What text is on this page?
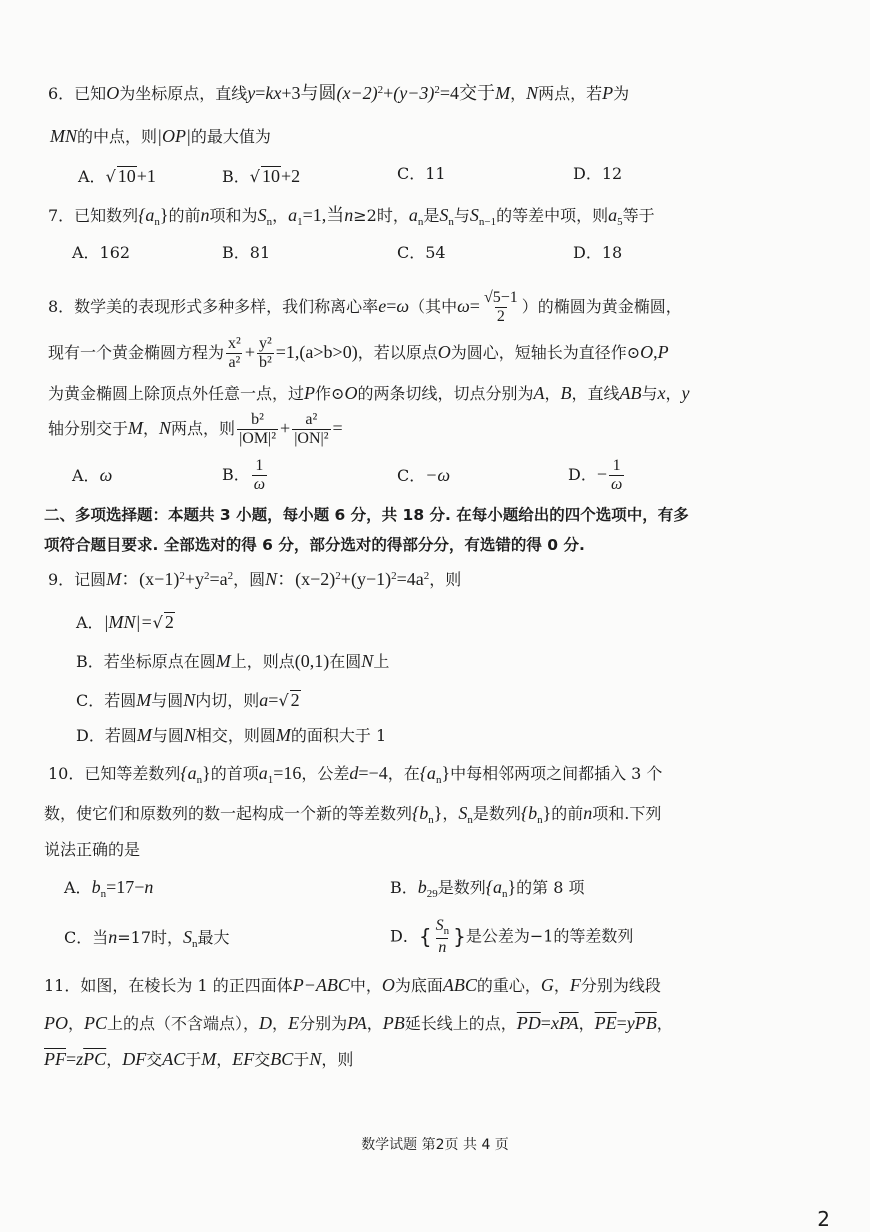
6．已知O为坐标原点，直线y=kx+3与圆$(x-2)^2+(y-3)^2=4$交于M，N两点，若P为
MN的中点，则|OP|的最大值为
A．√ 10+1	B．√ 10+2	C．11	D．12
7．已知数列$\{a_n\}$的前n项和为$S_n$，$a_1=1$,当n≥2时，$a_n$是$S_n$与$S_{n-1}$的等差中项，则$a_5$等于
A．162	B．81	C．54	D．18
8．数学美的表现形式多种多样，我们称离心率e=ω（其中$\omega= \frac{√5-1}{2}$ ）的椭圆为黄金椭圆，
现有一个黄金椭圆方程为 $\frac{\text{x²}}{\text{a²}} + \frac{\text{y²}}{\text{b²}} =1,(a>b>0)$，若以原点O为圆心，短轴长为直径作⊙O,P
为黄金椭圆上除顶点外任意一点，过P作⊙O的两条切线，切点分别为A，B，直线AB与x，y
轴分别交于M，N两点，则 $\frac{\text{b²}}{\text{|OM|²}} + \frac{\text{a²}}{\text{|ON|²}}$ =
A．ω	B． $\frac{1}{\omega}$	C．−ω	D．− $\frac{1}{\omega}$
二、多项选择题：本题共 3 小题，每小题 6 分，共 18 分. 在每小题给出的四个选项中，有多
项符合题目要求. 全部选对的得 6 分，部分选对的得部分分，有选错的得 0 分.
9．记圆M：$(x-1)^2+y^2=a^2$，圆N：$(x-2)^2+(y-1)^2=4a^2$，则
A．|MN|=√ 2
B．若坐标原点在圆M上，则点(0,1)在圆N上
C．若圆M与圆N内切，则a=√ 2
D．若圆M与圆N相交，则圆M的面积大于 1
10．已知等差数列$\{a_n\}$的首项$a_1=16$，公差d=−4，在$\{a_n\}$中每相邻两项之间都插入 3 个
数，使它们和原数列的数一起构成一个新的等差数列$\{b_n\}$，$S_n$是数列$\{b_n\}$的前n项和.下列
说法正确的是
A．$b_n=17-n$	B．$b_{29}$是数列$\{a_n\}$的第 8 项
C．当n=17时，$S_n$最大	D．{ $\frac{S_n}{n}$ }是公差为−1的等差数列
11．如图，在棱长为 1 的正四面体P−ABC中，O为底面ABC的重心，G，F分别为线段
PO，PC上的点（不含端点），D，E分别为PA，PB延长线上的点，$\overline{PD}=x\overline{PA}$，$\overline{PE}=y\overline{PB}$，
$\overline{PF}=z\overline{PC}$，DF交AC于M，EF交BC于N，则
数学试题 第2页 共 4 页
2
